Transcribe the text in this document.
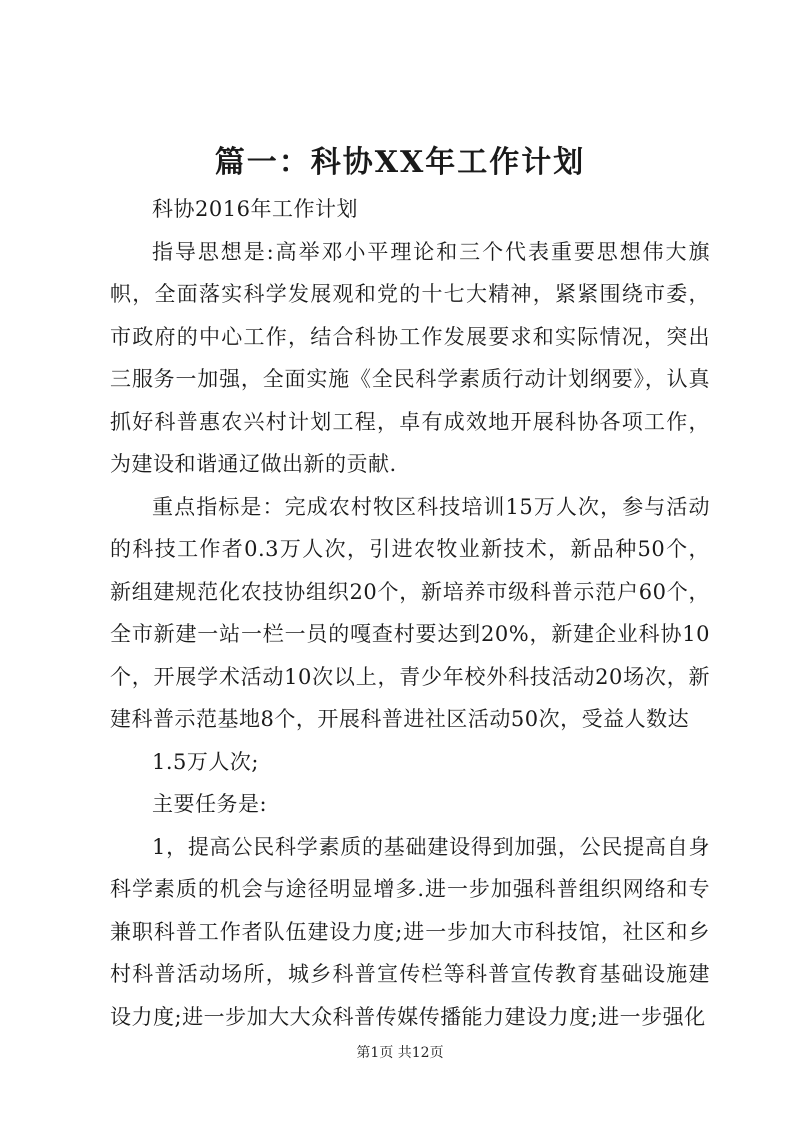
篇一：科协XX年工作计划

科协2016年工作计划

指导思想是:高举邓小平理论和三个代表重要思想伟大旗帜，全面落实科学发展观和党的十七大精神，紧紧围绕市委，市政府的中心工作，结合科协工作发展要求和实际情况，突出三服务一加强，全面实施《全民科学素质行动计划纲要》，认真抓好科普惠农兴村计划工程，卓有成效地开展科协各项工作，为建设和谐通辽做出新的贡献.

重点指标是：完成农村牧区科技培训15万人次，参与活动的科技工作者0.3万人次，引进农牧业新技术，新品种50个，新组建规范化农技协组织20个，新培养市级科普示范户60个，全市新建一站一栏一员的嘎查村要达到20%，新建企业科协10个，开展学术活动10次以上，青少年校外科技活动20场次，新建科普示范基地8个，开展科普进社区活动50次，受益人数达

1.5万人次;

主要任务是:

1，提高公民科学素质的基础建设得到加强，公民提高自身科学素质的机会与途径明显增多.进一步加强科普组织网络和专兼职科普工作者队伍建设力度;进一步加大市科技馆，社区和乡村科普活动场所，城乡科普宣传栏等科普宣传教育基础设施建设力度;进一步加大大众科普传媒传播能力建设力度;进一步强化

第1页 共12页
